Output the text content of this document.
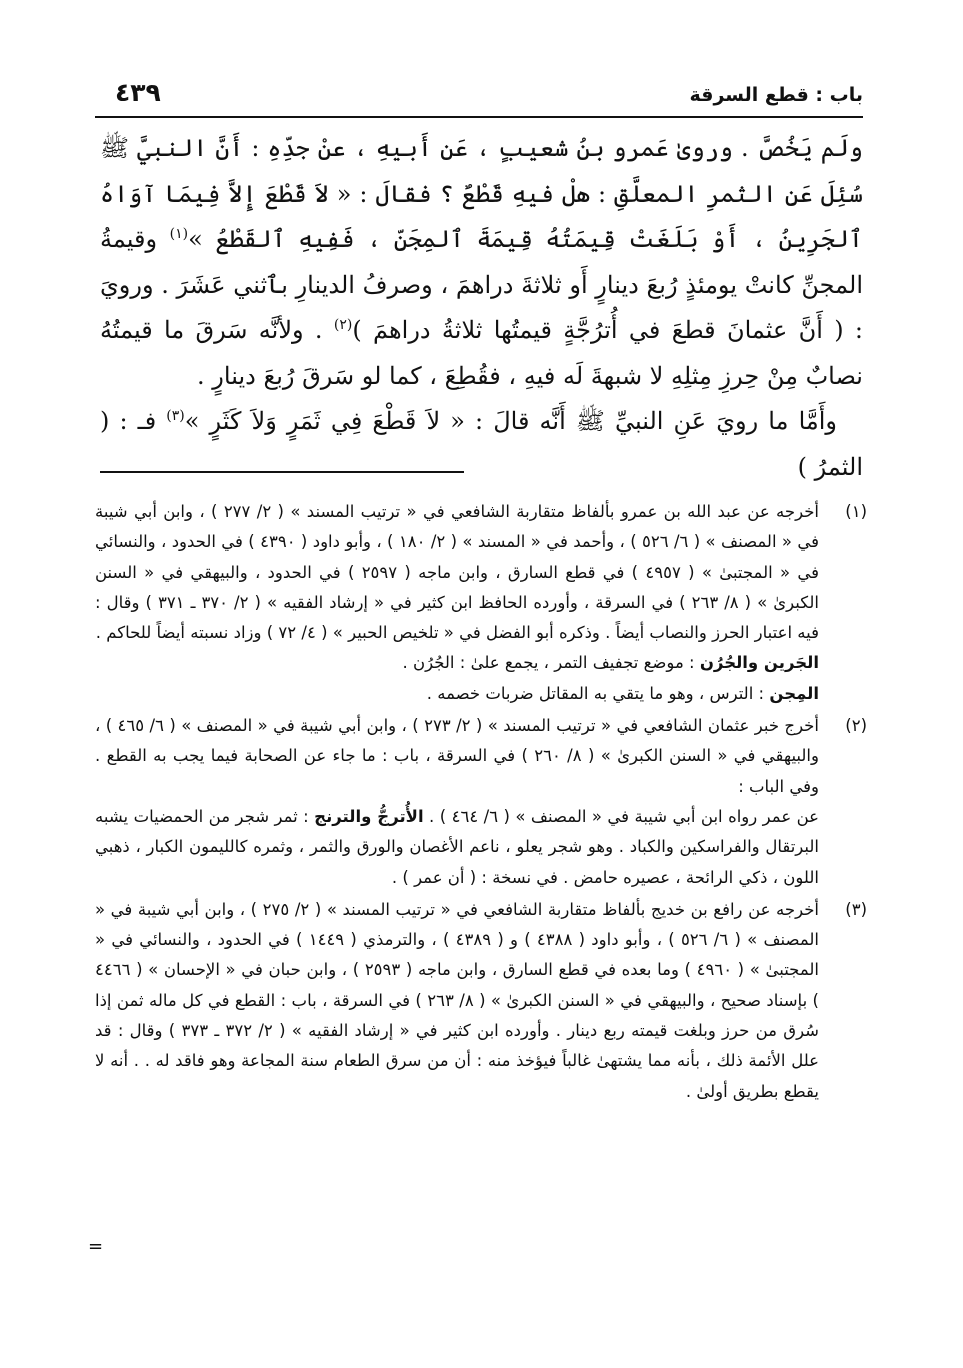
باب : قطع السرقة
٤٣٩

ولَم يَخُصَّ . وروىٰ عَمرو بنُ شعيبٍ ، عَن أَبيهِ ، عنْ جدِّهِ : أَنَّ النبيَّ ﷺ سُئِلَ عَنِ الثمرِ المعلَّقِ : هلْ فيهِ قَطْعٌ ؟ فقالَ : « لاَ قَطْعَ إِلاَّ فِيمَا آوَاهُ ٱلجَرِينُ ، أَوْ بَلَغَتْ قِيمَتُهُ قِيمَةَ ٱلمِجَنِّ ، فَفِيهِ ٱلقَطْعُ »$^{(١)}$ وقيمةُ المجنِّ كانتْ يومئذٍ رُبعَ دينارٍ أَو ثلاثةَ دراهمَ ، وصرفُ الدينارِ بٱثني عَشَرَ . ورويَ : ( أَنَّ عثمانَ قطعَ في أُترُجَّةٍ قيمتُها ثلاثةُ دراهمَ )$^{(٢)}$ . ولأنَّه سَرقَ ما قيمتُهُ نصابٌ مِنْ حِرزِ مِثلِهِ لا شبهةَ لَه فيهِ ، فقُطِعَ ، كما لو سَرقَ رُبعَ دينارٍ .

وأَمَّا ما رويَ عَنِ النبيِّ ﷺ أَنَّه قالَ : « لاَ قَطْعَ فِي ثَمَرٍ وَلاَ كَثَرٍ »$^{(٣)}$ فـ : ( الثمرُ )

(١)

أخرجه عن عبد الله بن عمرو بألفاظ متقاربة الشافعي في « ترتيب المسند » ( ٢/ ٢٧٧ ) ، وابن أبي شيبة في « المصنف » ( ٦/ ٥٢٦ ) ، وأحمد في « المسند » ( ٢/ ١٨٠ ) ، وأبو داود ( ٤٣٩٠ ) في الحدود ، والنسائي في « المجتبىٰ » ( ٤٩٥٧ ) في قطع السارق ، وابن ماجه ( ٢٥٩٧ ) في الحدود ، والبيهقي في « السنن الكبرىٰ » ( ٨/ ٢٦٣ ) في السرقة ، وأورده الحافظ ابن كثير في « إرشاد الفقيه » ( ٢/ ٣٧٠ ـ ٣٧١ ) وقال : فيه اعتبار الحرز والنصاب أيضاً . وذكره أبو الفضل في « تلخيص الحبير » ( ٤/ ٧٢ ) وزاد نسبته أيضاً للحاكم .

الجَرين والجُرُن : موضع تجفيف التمر ، يجمع علىٰ : الجُرُن .

المِجن : الترس ، وهو ما يتقي به المقاتل ضربات خصمه .

(٢)

أخرج خبر عثمان الشافعي في « ترتيب المسند » ( ٢/ ٢٧٣ ) ، وابن أبي شيبة في « المصنف » ( ٦/ ٤٦٥ ) ، والبيهقي في « السنن الكبرىٰ » ( ٨/ ٢٦٠ ) في السرقة ، باب : ما جاء عن الصحابة فيما يجب به القطع . وفي الباب :

عن عمر رواه ابن أبي شيبة في « المصنف » ( ٦/ ٤٦٤ ) . الأُترجُّ والترنج : ثمر شجر من الحمضيات يشبه البرتقال والفراسكين والكباد . وهو شجر يعلو ، ناعم الأغصان والورق والثمر ، وثمره كالليمون الكبار ، ذهبي اللون ، ذكي الرائحة ، عصيره حامض . في نسخة : ( أن عمر ) .

(٣)

أخرجه عن رافع بن خديج بألفاظ متقاربة الشافعي في « ترتيب المسند » ( ٢/ ٢٧٥ ) ، وابن أبي شيبة في « المصنف » ( ٦/ ٥٢٦ ) ، وأبو داود ( ٤٣٨٨ ) و ( ٤٣٨٩ ) ، والترمذي ( ١٤٤٩ ) في الحدود ، والنسائي في « المجتبىٰ » ( ٤٩٦٠ ) وما بعده في قطع السارق ، وابن ماجه ( ٢٥٩٣ ) ، وابن حبان في « الإحسان » ( ٤٤٦٦ ) بإسناد صحيح ، والبيهقي في « السنن الكبرىٰ » ( ٨/ ٢٦٣ ) في السرقة ، باب : القطع في كل ماله ثمن إذا سُرق من حرز وبلغت قيمته ربع دينار . وأورده ابن كثير في « إرشاد الفقيه » ( ٢/ ٣٧٢ ـ ٣٧٣ ) وقال : قد علل الأئمة ذلك ، بأنه مما يشتهىٰ غالباً فيؤخذ منه : أن من سرق الطعام سنة المجاعة وهو فاقد له . . أنه لا يقطع بطريق أولىٰ .

=
